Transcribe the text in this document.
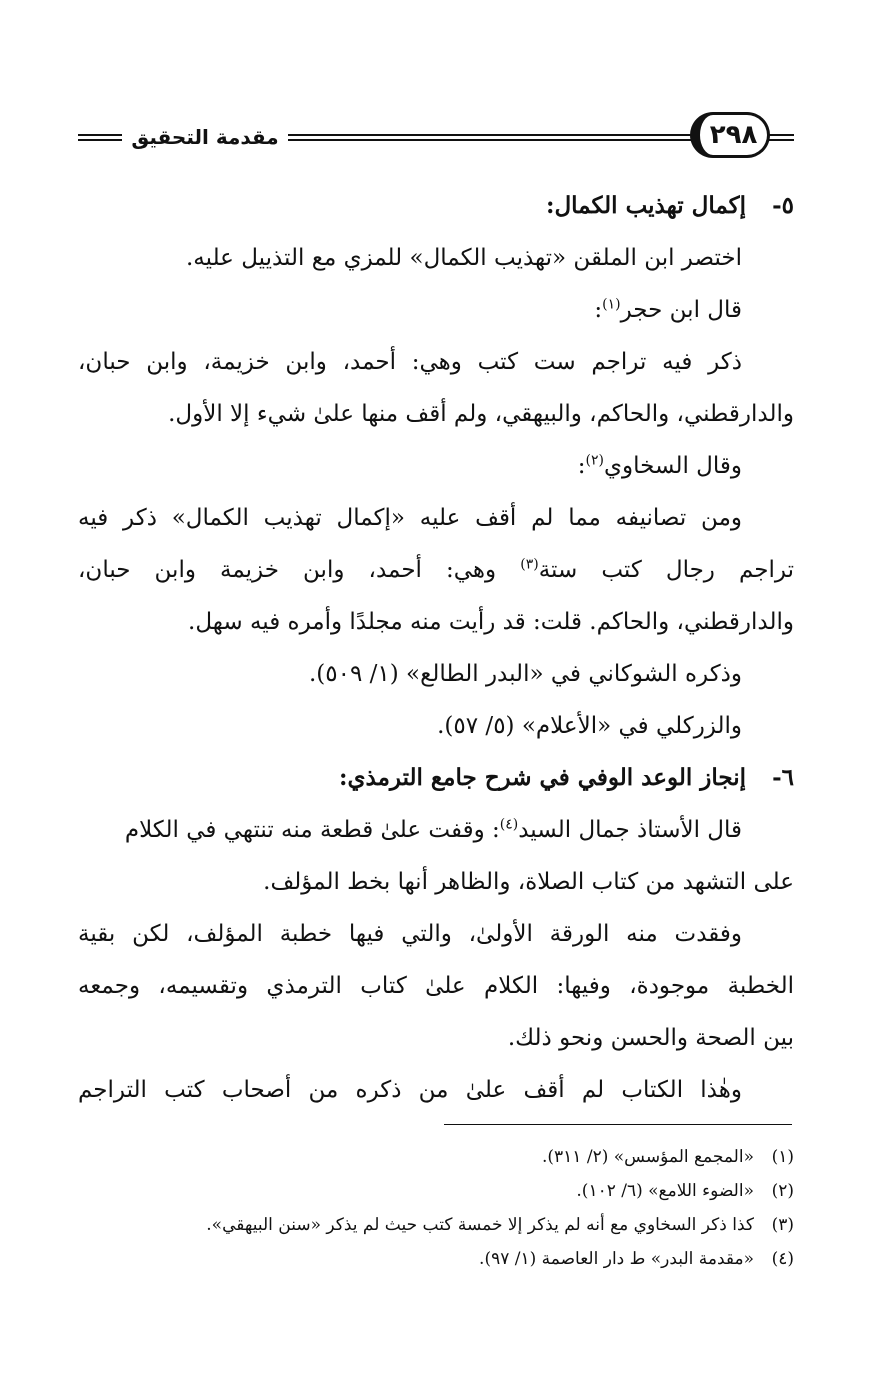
٢٩٨
مقدمة التحقيق
٥-إكمال تهذيب الكمال:
اختصر ابن الملقن «تهذيب الكمال» للمزي مع التذييل عليه.
قال ابن حجر$^{(١)}$:
ذكر فيه تراجم ست كتب وهي: أحمد، وابن خزيمة، وابن حبان،
والدارقطني، والحاكم، والبيهقي، ولم أقف منها علىٰ شيء إلا الأول.
وقال السخاوي$^{(٢)}$:
ومن تصانيفه مما لم أقف عليه «إكمال تهذيب الكمال» ذكر فيه
تراجم رجال كتب ستة$^{(٣)}$ وهي: أحمد، وابن خزيمة وابن حبان،
والدارقطني، والحاكم. قلت: قد رأيت منه مجلدًا وأمره فيه سهل.
وذكره الشوكاني في «البدر الطالع» (١/ ٥٠٩).
والزركلي في «الأعلام» (٥/ ٥٧).
٦-إنجاز الوعد الوفي في شرح جامع الترمذي:
قال الأستاذ جمال السيد$^{(٤)}$: وقفت علىٰ قطعة منه تنتهي في الكلام
على التشهد من كتاب الصلاة، والظاهر أنها بخط المؤلف.
وفقدت منه الورقة الأولىٰ، والتي فيها خطبة المؤلف، لكن بقية
الخطبة موجودة، وفيها: الكلام علىٰ كتاب الترمذي وتقسيمه، وجمعه
بين الصحة والحسن ونحو ذلك.
وهٰذا الكتاب لم أقف علىٰ من ذكره من أصحاب كتب التراجم
(١)«المجمع المؤسس» (٢/ ٣١١).
(٢)«الضوء اللامع» (٦/ ١٠٢).
(٣)كذا ذكر السخاوي مع أنه لم يذكر إلا خمسة كتب حيث لم يذكر «سنن البيهقي».
(٤)«مقدمة البدر» ط دار العاصمة (١/ ٩٧).
